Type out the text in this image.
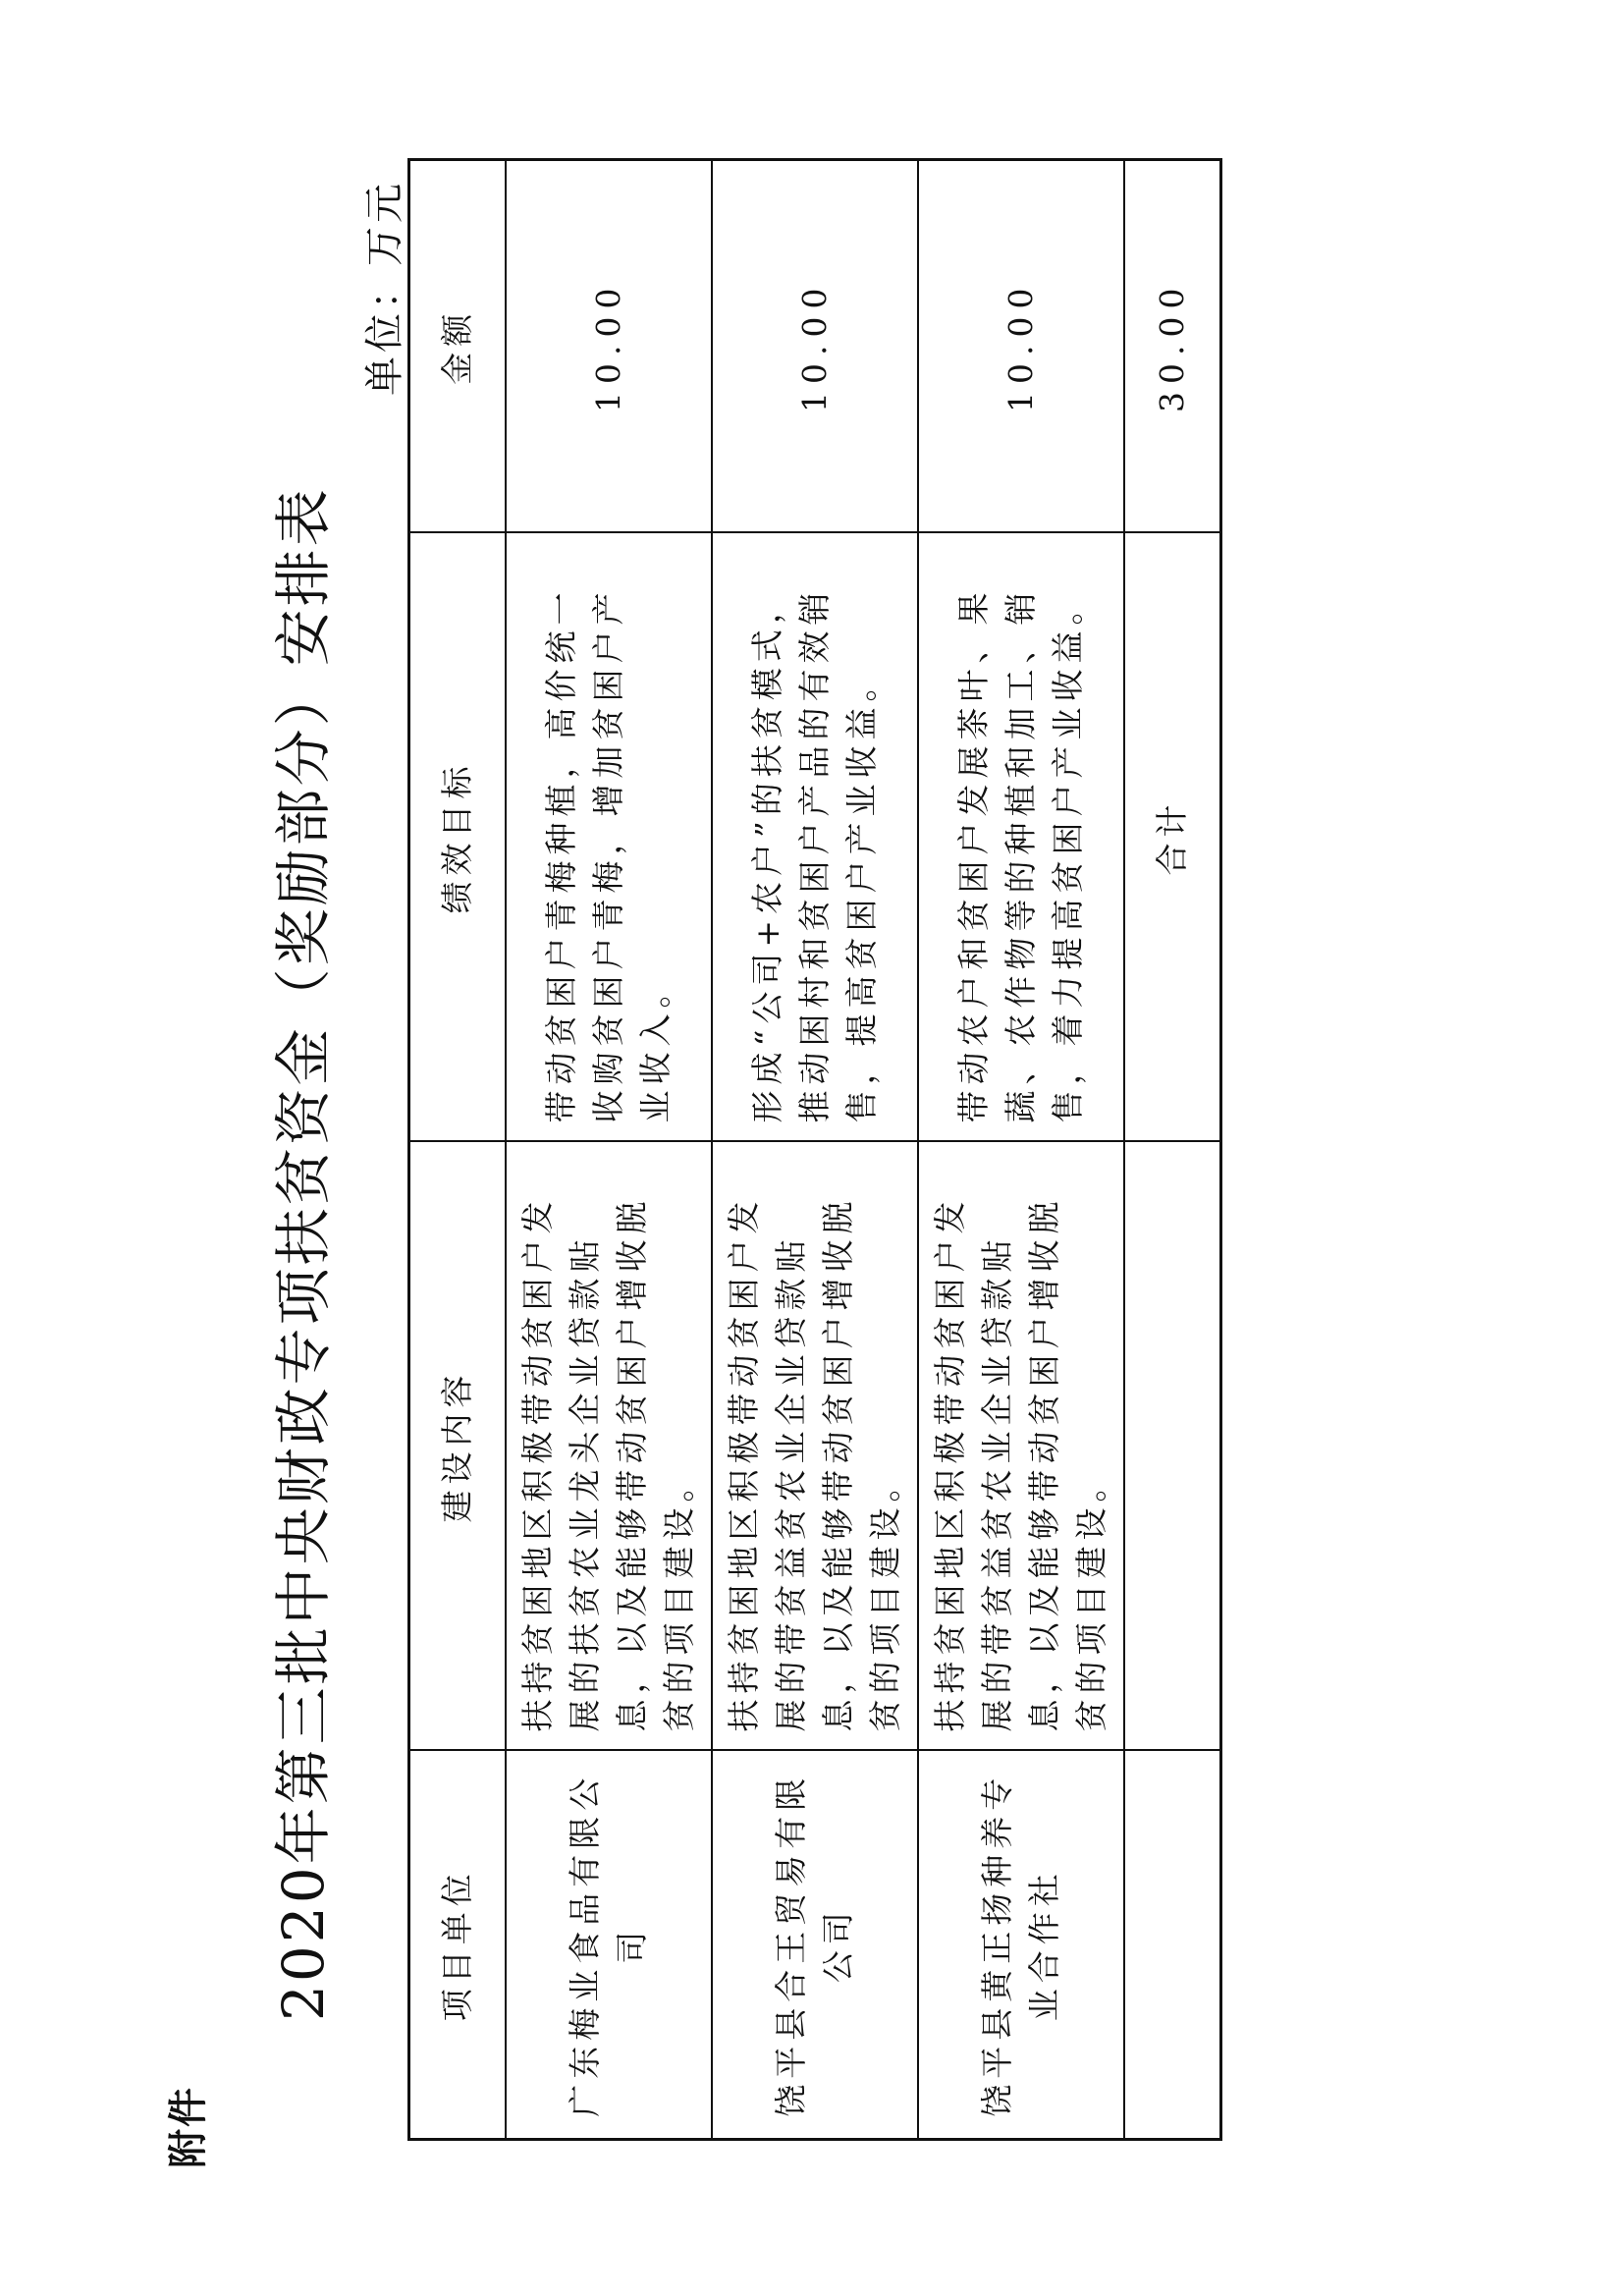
附件
2020年第三批中央财政专项扶贫资金（奖励部分）安排表
单位：万元
项目单位	建设内容	绩效目标	金额
广东梅业食品有限公司	扶持贫困地区积极带动贫困户发展的扶贫农业龙头企业贷款贴息，以及能够带动贫困户增收脱贫的项目建设。	带动贫困户青梅种植，高价统一收购贫困户青梅，增加贫困户产业收入。	10.00
饶平县合王贸易有限公司	扶持贫困地区积极带动贫困户发展的带贫益贫农业企业贷款贴息，以及能够带动贫困户增收脱贫的项目建设。	形成“公司+农户”的扶贫模式，推动困村和贫困户产品的有效销售，提高贫困户产业收益。	10.00
饶平县黄正扬种养专业合作社	扶持贫困地区积极带动贫困户发展的带贫益贫农业企业贷款贴息，以及能够带动贫困户增收脱贫的项目建设。	带动农户和贫困户发展茶叶、果蔬、农作物等的种植和加工、销售，着力提高贫困户产业收益。	10.00
		合计	30.00
